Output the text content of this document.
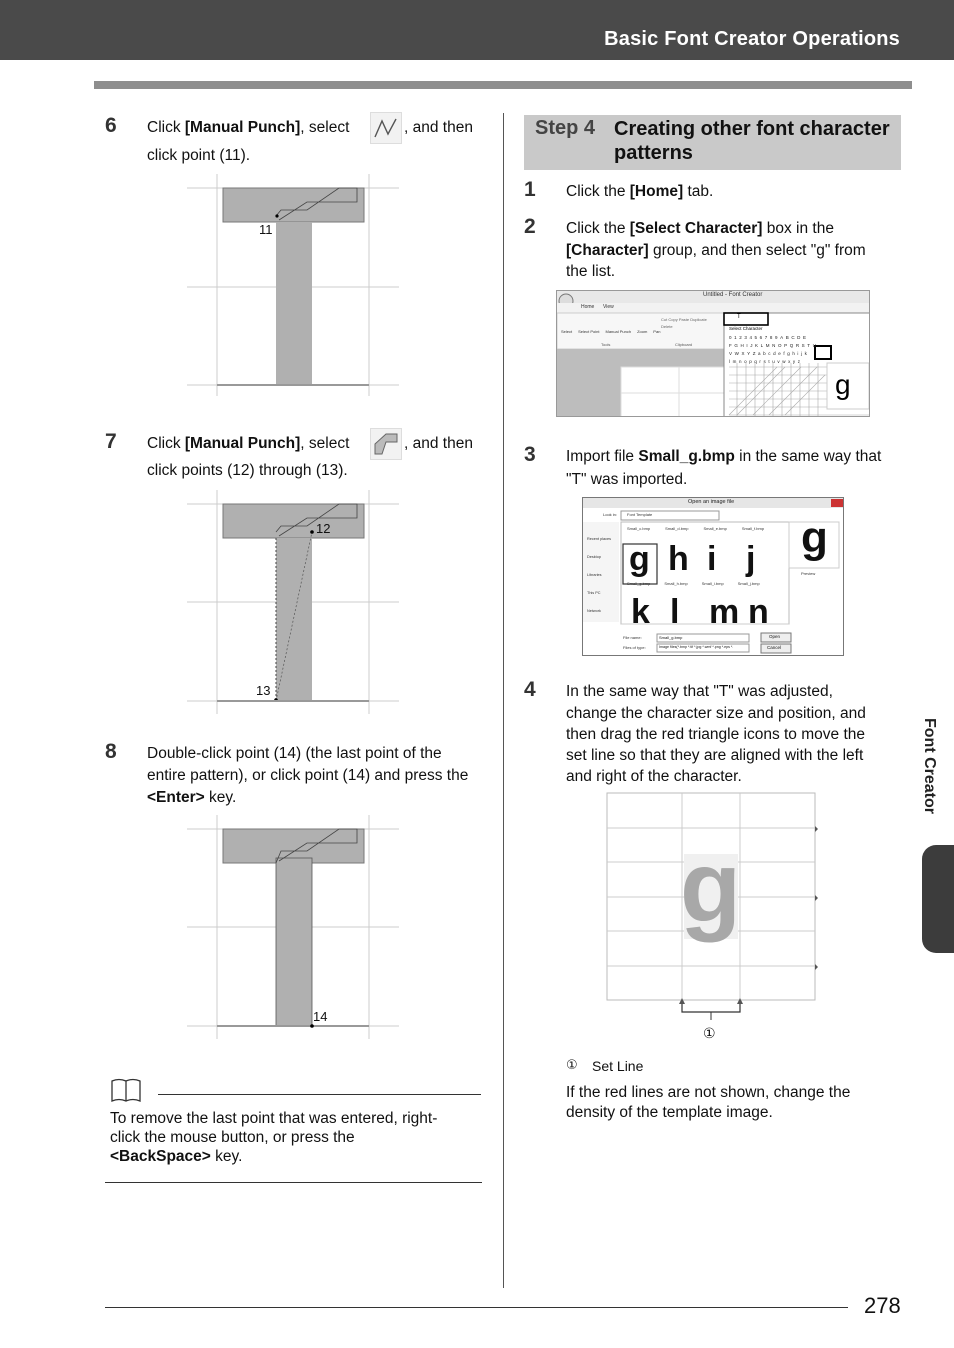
Basic Font Creator Operations
6 Click [Manual Punch], select	, and then
click point (11).
11
7 Click [Manual Punch], select	, and then
click points (12) through (13).
12
13
8 Double-click point (14) (the last point of the
entire pattern), or click point (14) and press the
<Enter> key.
14
To remove the last point that was entered, right-
click the mouse button, or press the
<BackSpace> key.
Step 4 Creating other font character patterns
1 Click the [Home] tab.
2 Click the [Select Character] box in the
[Character] group, and then select "g" from
the list.
Untitled - Font Creator
Home View
Select Select Point Manual Punch Zoom Pan
Tools
Cut Copy Paste Duplicate Delete
Clipboard
T
Select Character
0123456789ABCDE
FGHIJKLMNOPQRSTU
VWXYZabcdefghijk
lmnopqrstuvwxyz
g
3 Import file Small_g.bmp in the same way that
"T" was imported.
Open an image file
Look in: Font Template
Recent places
Desktop
Libraries
This PC
Network
Small_c.bmp	Small_d.bmp	Small_e.bmp	Small_f.bmp
g h i j
Small_g.bmp	Small_h.bmp	Small_i.bmp	Small_j.bmp
k l m n
g
Preview
File name:	Small_g.bmp
Files of type:	Image files(*.bmp *.tif *.jpg *.wmf *.png *.eps *.
Open
Cancel
4 In the same way that "T" was adjusted,
change the character size and position, and
then drag the red triangle icons to move the
set line so that they are aligned with the left
and right of the character.
g
①
① Set Line
If the red lines are not shown, change the
density of the template image.
Font Creator
278
